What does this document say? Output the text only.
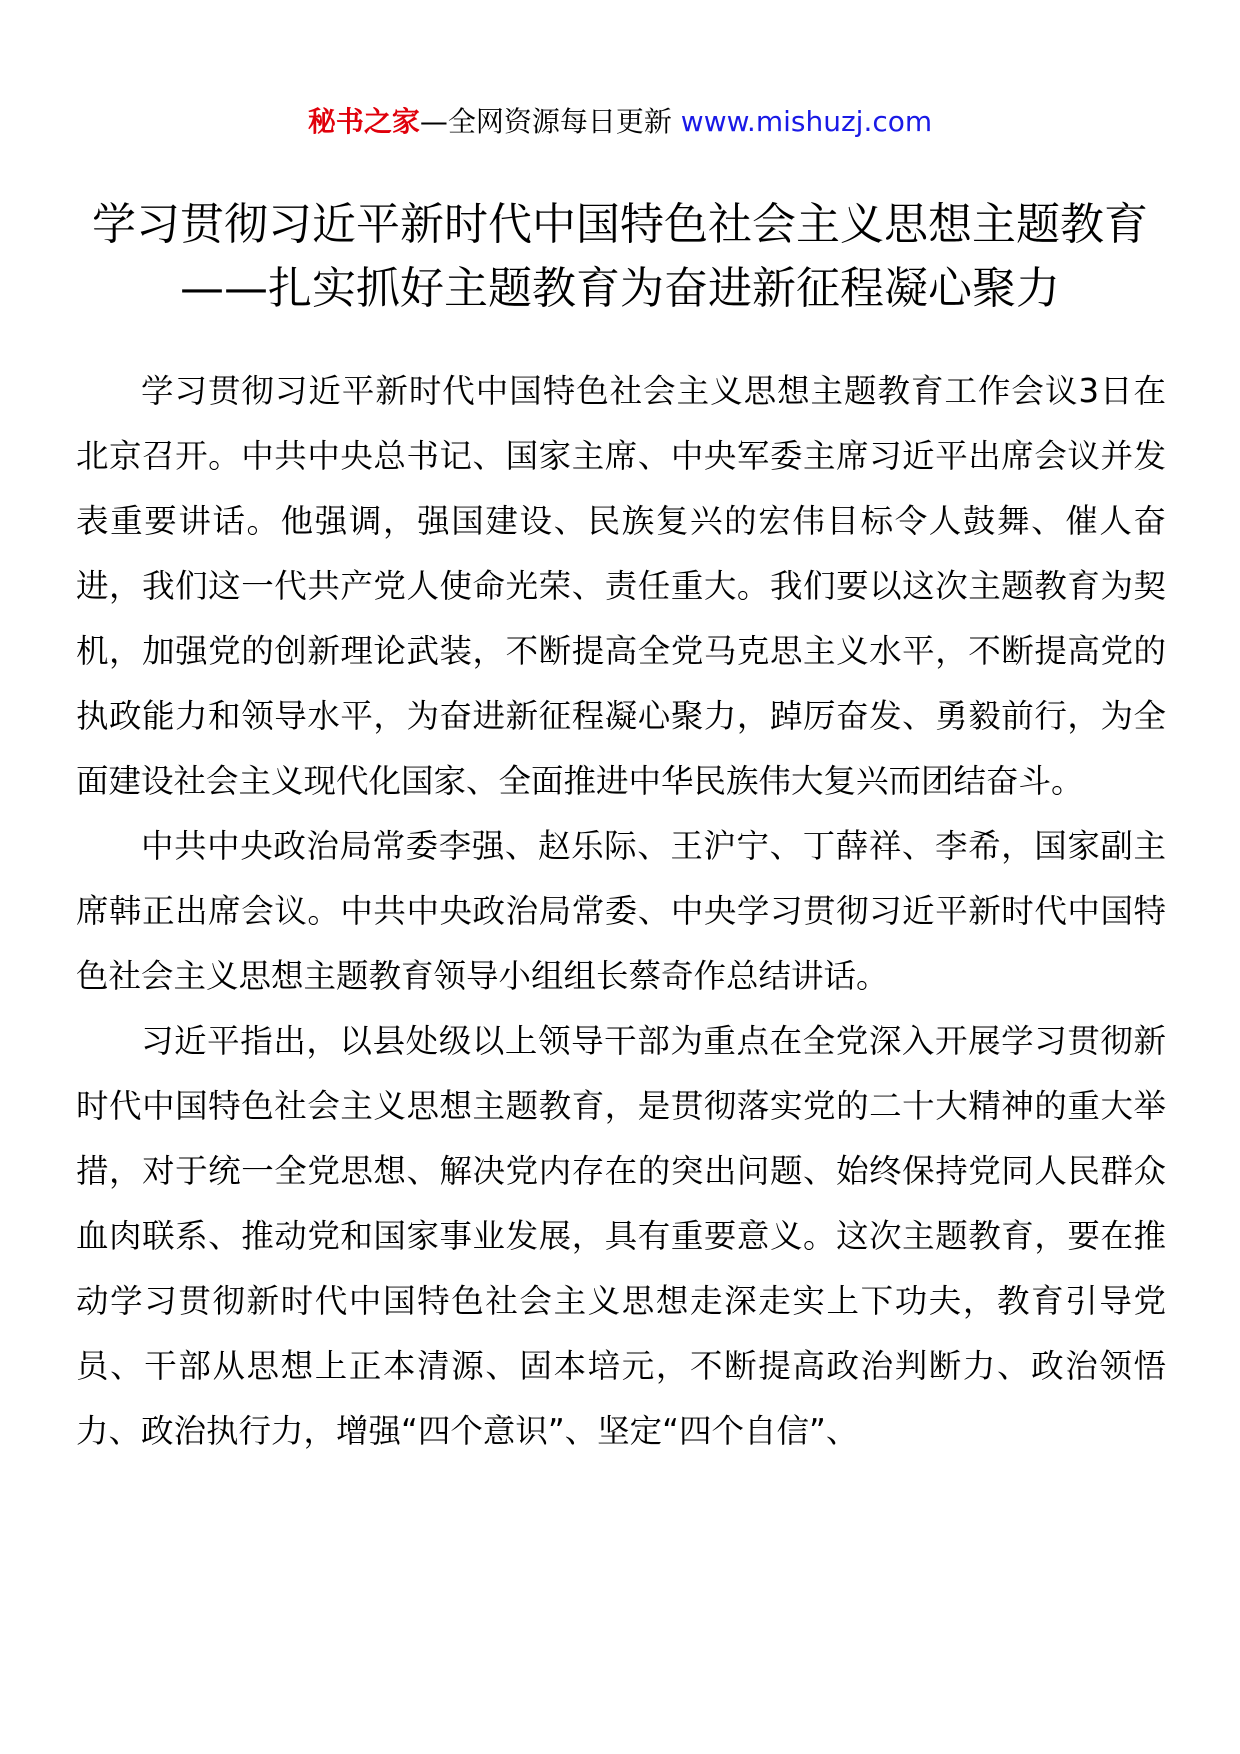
秘书之家—全网资源每日更新 www.mishuzj.com
学习贯彻习近平新时代中国特色社会主义思想主题教育——扎实抓好主题教育为奋进新征程凝心聚力

学习贯彻习近平新时代中国特色社会主义思想主题教育工作会议3日在北京召开。中共中央总书记、国家主席、中央军委主席习近平出席会议并发表重要讲话。他强调，强国建设、民族复兴的宏伟目标令人鼓舞、催人奋进，我们这一代共产党人使命光荣、责任重大。我们要以这次主题教育为契机，加强党的创新理论武装，不断提高全党马克思主义水平，不断提高党的执政能力和领导水平，为奋进新征程凝心聚力，踔厉奋发、勇毅前行，为全面建设社会主义现代化国家、全面推进中华民族伟大复兴而团结奋斗。

中共中央政治局常委李强、赵乐际、王沪宁、丁薛祥、李希，国家副主席韩正出席会议。中共中央政治局常委、中央学习贯彻习近平新时代中国特色社会主义思想主题教育领导小组组长蔡奇作总结讲话。

习近平指出，以县处级以上领导干部为重点在全党深入开展学习贯彻新时代中国特色社会主义思想主题教育，是贯彻落实党的二十大精神的重大举措，对于统一全党思想、解决党内存在的突出问题、始终保持党同人民群众血肉联系、推动党和国家事业发展，具有重要意义。这次主题教育，要在推动学习贯彻新时代中国特色社会主义思想走深走实上下功夫，教育引导党员、干部从思想上正本清源、固本培元，不断提高政治判断力、政治领悟力、政治执行力，增强“四个意识”、坚定“四个自信”、
